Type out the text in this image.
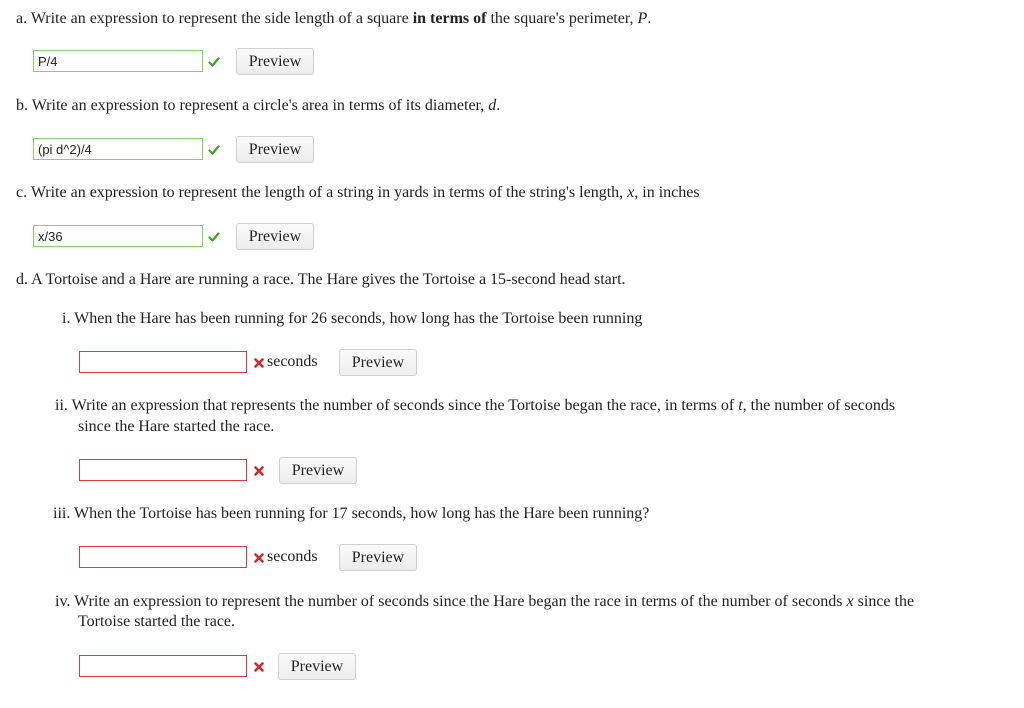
a. Write an expression to represent the side length of a square in terms of the square's perimeter, P.
P/4
Preview
b. Write an expression to represent a circle's area in terms of its diameter, d.
(pi d^2)/4
Preview
c. Write an expression to represent the length of a string in yards in terms of the string's length, x, in inches
x/36
Preview
d. A Tortoise and a Hare are running a race. The Hare gives the Tortoise a 15-second head start.
i. When the Hare has been running for 26 seconds, how long has the Tortoise been running
seconds	Preview
ii. Write an expression that represents the number of seconds since the Tortoise began the race, in terms of t, the number of seconds
since the Hare started the race.
Preview
iii. When the Tortoise has been running for 17 seconds, how long has the Hare been running?
seconds	Preview
iv. Write an expression to represent the number of seconds since the Hare began the race in terms of the number of seconds x since the
Tortoise started the race.
Preview
